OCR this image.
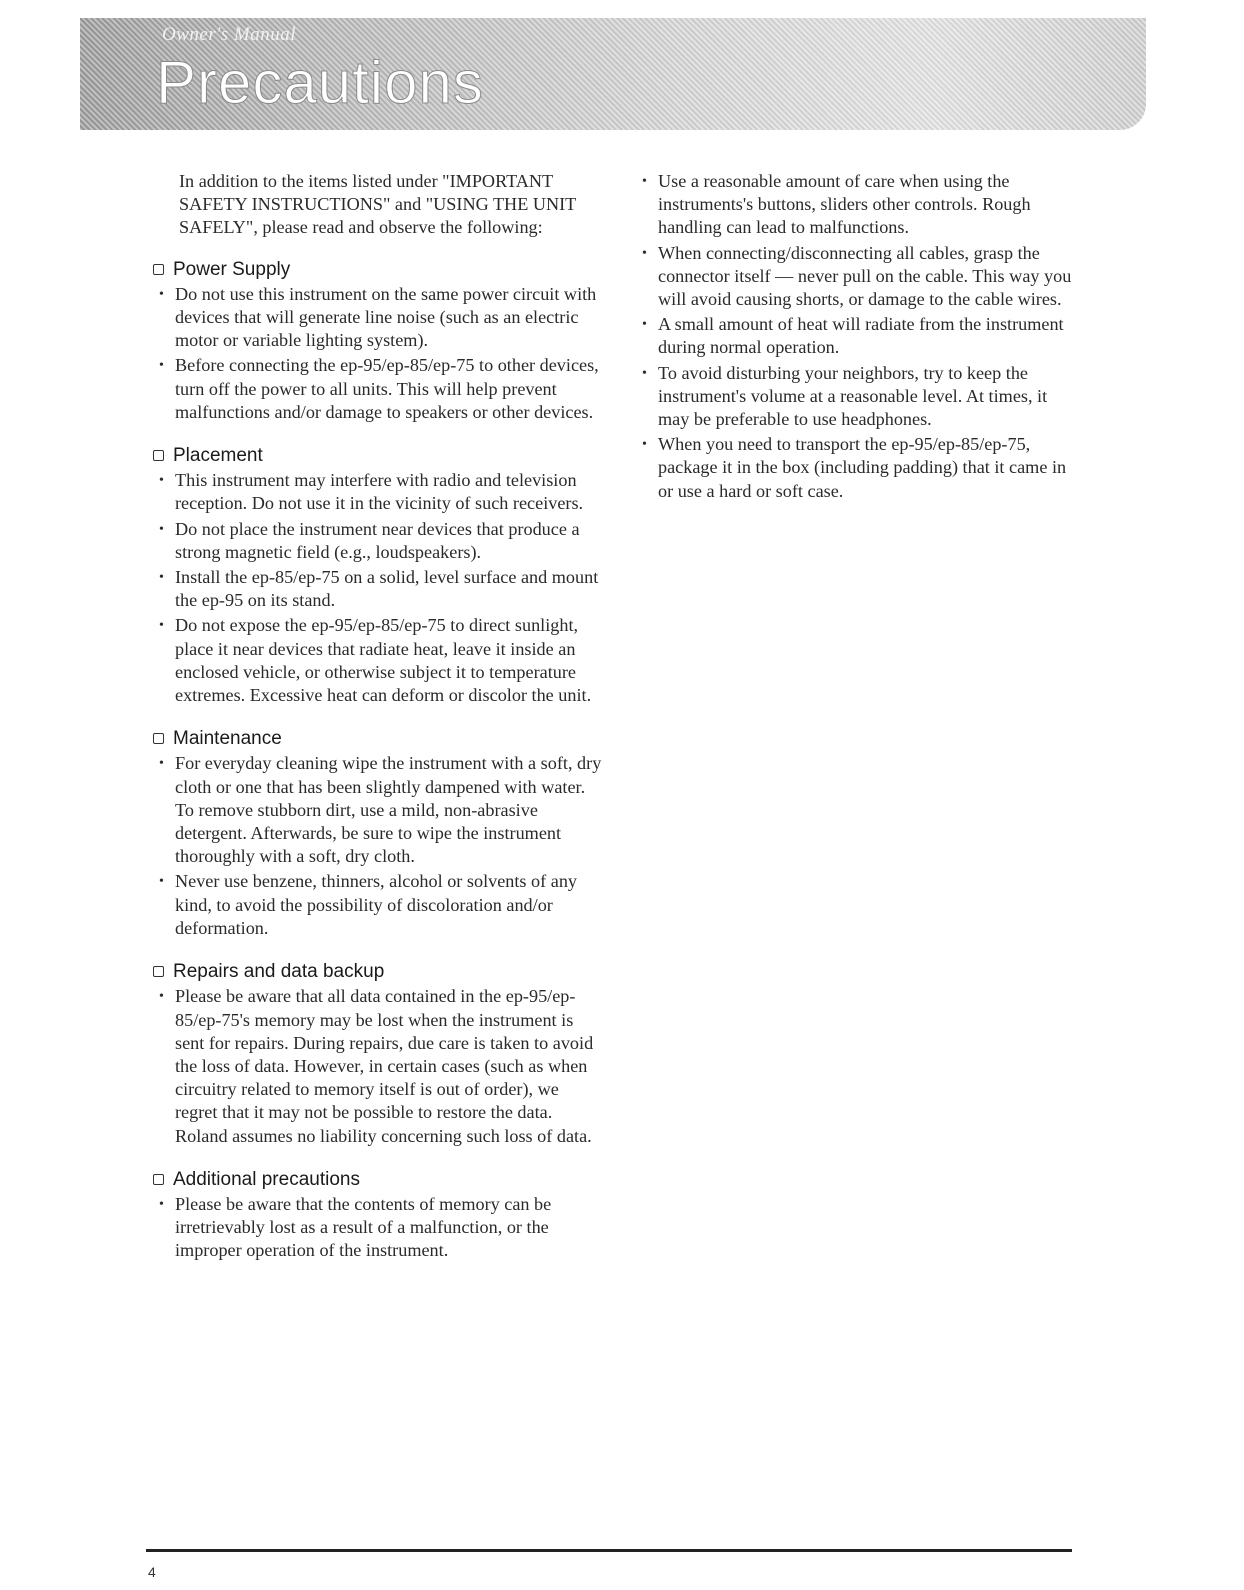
Owner's Manual
Precautions

In addition to the items listed under "IMPORTANT SAFETY INSTRUCTIONS" and "USING THE UNIT SAFELY", please read and observe the following:

Power Supply
• Do not use this instrument on the same power circuit with devices that will generate line noise (such as an electric motor or variable lighting system).
• Before connecting the ep-95/ep-85/ep-75 to other devices, turn off the power to all units. This will help prevent malfunctions and/or damage to speakers or other devices.
Placement
• This instrument may interfere with radio and television reception. Do not use it in the vicinity of such receivers.
• Do not place the instrument near devices that produce a strong magnetic field (e.g., loudspeakers).
• Install the ep-85/ep-75 on a solid, level surface and mount the ep-95 on its stand.
• Do not expose the ep-95/ep-85/ep-75 to direct sunlight, place it near devices that radiate heat, leave it inside an enclosed vehicle, or otherwise subject it to temperature extremes. Excessive heat can deform or discolor the unit.
Maintenance
• For everyday cleaning wipe the instrument with a soft, dry cloth or one that has been slightly dampened with water. To remove stubborn dirt, use a mild, non-abrasive detergent. Afterwards, be sure to wipe the instrument thoroughly with a soft, dry cloth.
• Never use benzene, thinners, alcohol or solvents of any kind, to avoid the possibility of discoloration and/or deformation.
Repairs and data backup
• Please be aware that all data contained in the ep-95/ep-85/ep-75's memory may be lost when the instrument is sent for repairs. During repairs, due care is taken to avoid the loss of data. However, in certain cases (such as when circuitry related to memory itself is out of order), we regret that it may not be possible to restore the data. Roland assumes no liability concerning such loss of data.
Additional precautions
• Please be aware that the contents of memory can be irretrievably lost as a result of a malfunction, or the improper operation of the instrument.
• Use a reasonable amount of care when using the instruments's buttons, sliders other controls. Rough handling can lead to malfunctions.
• When connecting/disconnecting all cables, grasp the connector itself — never pull on the cable. This way you will avoid causing shorts, or damage to the cable wires.
• A small amount of heat will radiate from the instrument during normal operation.
• To avoid disturbing your neighbors, try to keep the instrument's volume at a reasonable level. At times, it may be preferable to use headphones.
• When you need to transport the ep-95/ep-85/ep-75, package it in the box (including padding) that it came in or use a hard or soft case.
4
